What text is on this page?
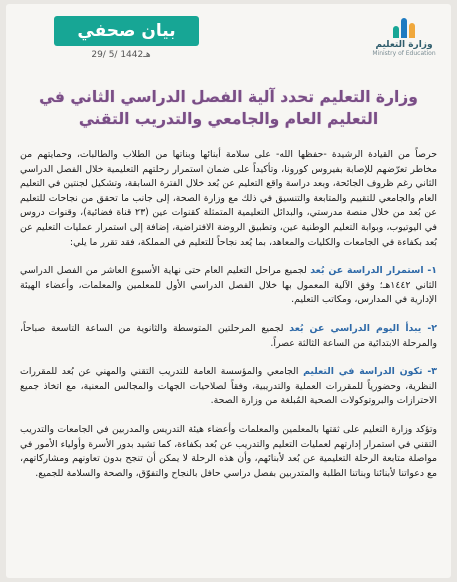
بيان صحفي
29/ 5/ 1442هـ
وزارة التعليم
Ministry of Education
وزارة التعليم تحدد آلية الفصل الدراسي الثاني في
التعليم العام والجامعي والتدريب التقني

حرصاً من القيادة الرشيدة -حفظها الله- على سلامة أبنائها وبناتها من الطلاب والطالبات، وحمايتهم من مخاطر تعرّضهم للإصابة بفيروس كورونا، وتأكيداً على ضمان استمرار رحلتهم التعليمية خلال الفصل الدراسي الثاني رغم ظروف الجائحة، وبعد دراسة واقع التعليم عن بُعد خلال الفترة السابقة، وتشكيل لجنتين في التعليم العام والجامعي للتقييم والمتابعة والتنسيق في ذلك مع وزارة الصحة، إلى جانب ما تحقق من نجاحات للتعليم عن بُعد من خلال منصة مدرستي، والبدائل التعليمية المتمثلة كقنوات عين (٢٣ قناة فضائية)، وقنوات دروس في اليوتيوب، وبوابة التعليم الوطنية عين، وتطبيق الروضة الافتراضية، إضافة إلى استمرار عمليات التعليم عن بُعد بكفاءة في الجامعات والكليات والمعاهد، بما يُعد نجاحاً للتعليم في المملكة، فقد تقرر ما يلي:

١- استمرار الدراسة عن بُعد لجميع مراحل التعليم العام حتى نهاية الأسبوع العاشر من الفصل الدراسي الثاني ١٤٤٢هـ؛ وفق الآلية المعمول بها خلال الفصل الدراسي الأول للمعلمين والمعلمات، وأعضاء الهيئة الإدارية في المدارس، ومكاتب التعليم.

٢- يبدأ اليوم الدراسي عن بُعد لجميع المرحلتين المتوسطة والثانوية من الساعة التاسعة صباحاً، والمرحلة الابتدائية من الساعة الثالثة عصراً.

٣- تكون الدراسة في التعليم الجامعي والمؤسسة العامة للتدريب التقني والمهني عن بُعد للمقررات النظرية، وحضورياً للمقررات العملية والتدريبية، وفقاً لصلاحيات الجهات والمجالس المعنية، مع اتخاذ جميع الاحترازات والبروتوكولات الصحية المُبلغة من وزارة الصحة.

وتؤكد وزارة التعليم على ثقتها بالمعلمين والمعلمات وأعضاء هيئة التدريس والمدربين في الجامعات والتدريب التقني في استمرار إدارتهم لعمليات التعليم والتدريب عن بُعد بكفاءة، كما تشيد بدور الأسرة وأولياء الأمور في مواصلة متابعة الرحلة التعليمية عن بُعد لأبنائهم، وأن هذه الرحلة لا يمكن أن تنجح بدون تعاونهم ومشاركاتهم، مع دعواتنا لأبنائنا وبناتنا الطلبة والمتدربين بفصل دراسي حافل بالنجاح والتفوّق، والصحة والسلامة للجميع.
